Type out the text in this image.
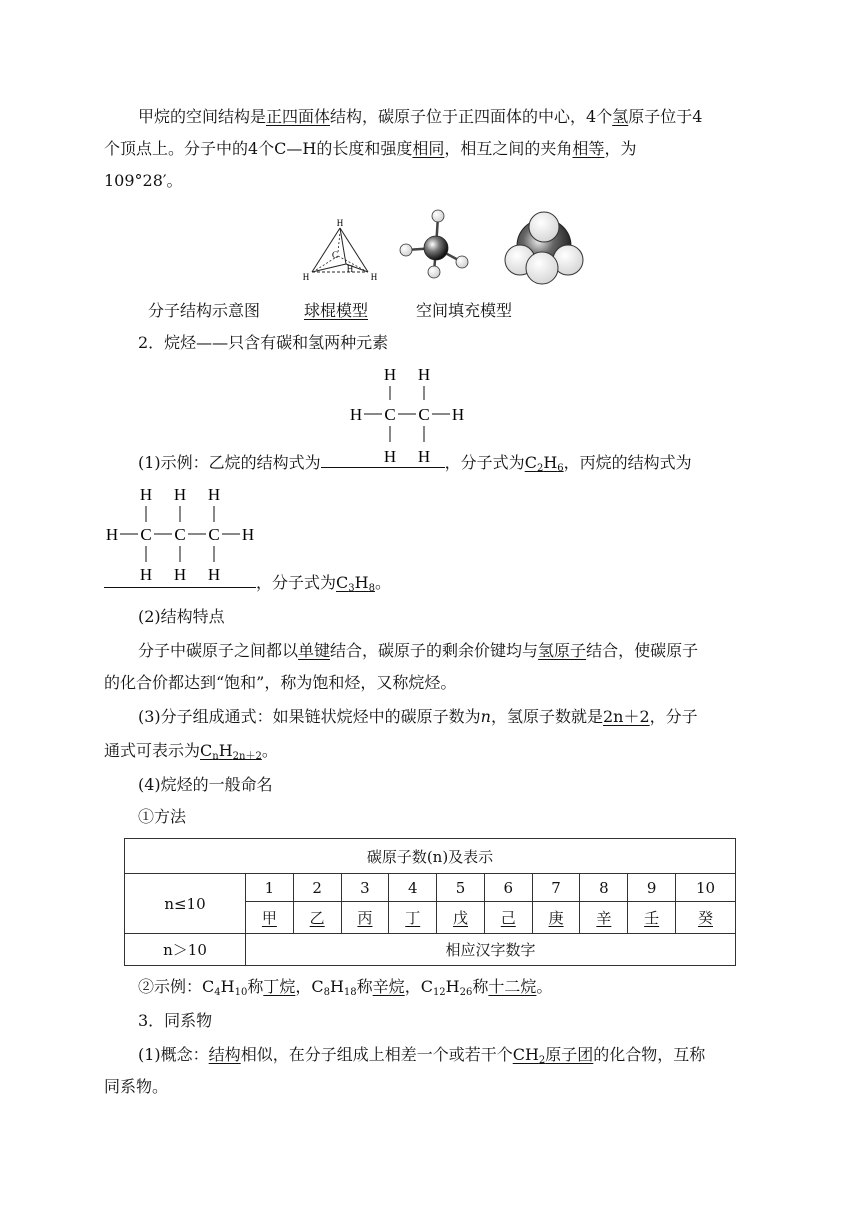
甲烷的空间结构是正四面体结构，碳原子位于正四面体的中心，4个氢原子位于4
个顶点上。分子中的4个C—H的长度和强度相同，相互之间的夹角相等，为
109°28′。
H
C
H
H
H
分子结构示意图	球棍模型	空间填充模型
2．烷烃——只含有碳和氢两种元素
H H
H C C H
H H
(1)示例：乙烷的结构式为	，分子式为$C_2H_6$，丙烷的结构式为
H H H
H C C C H
H H H	，分子式为$C_3H_8$。
(2)结构特点
分子中碳原子之间都以单键结合，碳原子的剩余价键均与氢原子结合，使碳原子
的化合价都达到“饱和”，称为饱和烃，又称烷烃。
(3)分子组成通式：如果链状烷烃中的碳原子数为n，氢原子数就是2n＋2，分子
通式可表示为$C_nH_{2n+2}$。
(4)烷烃的一般命名
①方法
碳原子数(n)及表示										
n≤10	1	2	3	4	5	6	7	8	9	10
	甲	乙	丙	丁	戊	己	庚	辛	壬	癸
n＞10	相应汉字数字									
②示例：$C_4H_{10}$称丁烷，$C_8H_{18}$称辛烷，$C_{12}H_{26}$称十二烷。
3．同系物
(1)概念：结构相似，在分子组成上相差一个或若干个$CH_2$原子团的化合物，互称
同系物。
